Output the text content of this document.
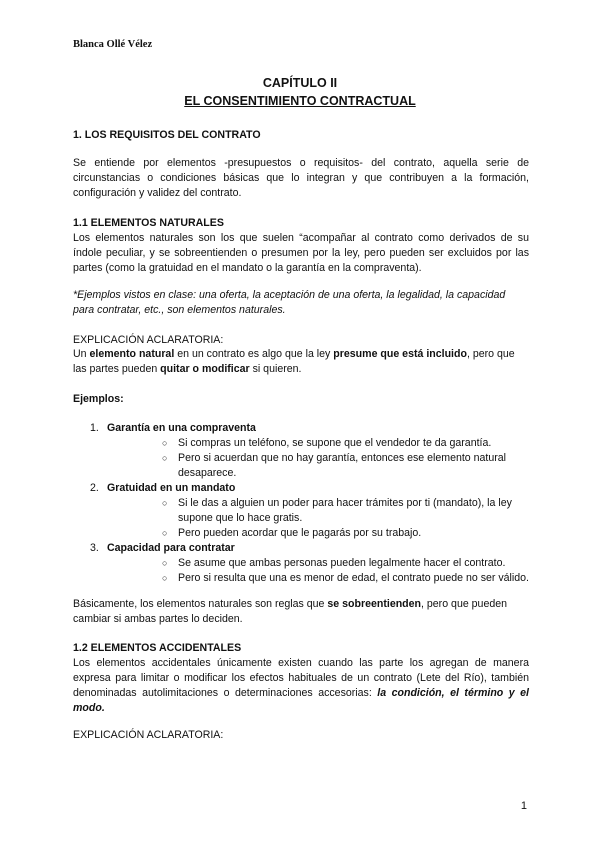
Blanca Ollé Vélez
CAPÍTULO II
EL CONSENTIMIENTO CONTRACTUAL
1. LOS REQUISITOS DEL CONTRATO
Se entiende por elementos -presupuestos o requisitos- del contrato, aquella serie de circunstancias o condiciones básicas que lo integran y que contribuyen a la formación, configuración y validez del contrato.
1.1 ELEMENTOS NATURALES
Los elementos naturales son los que suelen “acompañar al contrato como derivados de su índole peculiar, y se sobreentienden o presumen por la ley, pero pueden ser excluidos por las partes (como la gratuidad en el mandato o la garantía en la compraventa).
*Ejemplos vistos en clase: una oferta, la aceptación de una oferta, la legalidad, la capacidad para contratar, etc., son elementos naturales.
EXPLICACIÓN ACLARATORIA:
Un elemento natural en un contrato es algo que la ley presume que está incluido, pero que las partes pueden quitar o modificar si quieren.
Ejemplos:
1. Garantía en una compraventa
○ Si compras un teléfono, se supone que el vendedor te da garantía.
○ Pero si acuerdan que no hay garantía, entonces ese elemento natural desaparece.
2. Gratuidad en un mandato
○ Si le das a alguien un poder para hacer trámites por ti (mandato), la ley supone que lo hace gratis.
○ Pero pueden acordar que le pagarás por su trabajo.
3. Capacidad para contratar
○ Se asume que ambas personas pueden legalmente hacer el contrato.
○ Pero si resulta que una es menor de edad, el contrato puede no ser válido.
Básicamente, los elementos naturales son reglas que se sobreentienden, pero que pueden cambiar si ambas partes lo deciden.
1.2 ELEMENTOS ACCIDENTALES
Los elementos accidentales únicamente existen cuando las parte los agregan de manera expresa para limitar o modificar los efectos habituales de un contrato (Lete del Río), también denominadas autolimitaciones o determinaciones accesorias: la condición, el término y el modo.
EXPLICACIÓN ACLARATORIA:
1
